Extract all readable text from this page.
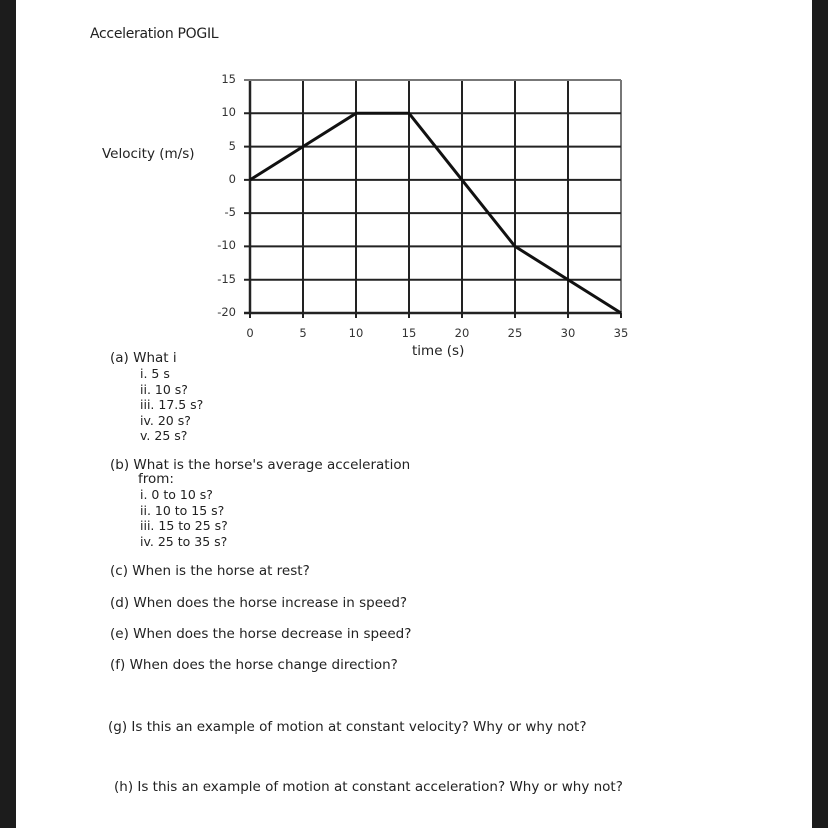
Acceleration POGIL
Velocity (m/s)
15
10
5
0
-5
-10
-15
-20
0	5	10	15	20	25	30	35
time (s)
(a) What i
i. 5 s
ii. 10 s?
iii. 17.5 s?
iv. 20 s?
v. 25 s?
(b) What is the horse's average acceleration
from:
i. 0 to 10 s?
ii. 10 to 15 s?
iii. 15 to 25 s?
iv. 25 to 35 s?
(c) When is the horse at rest?
(d) When does the horse increase in speed?
(e) When does the horse decrease in speed?
(f) When does the horse change direction?
(g) Is this an example of motion at constant velocity? Why or why not?
(h) Is this an example of motion at constant acceleration? Why or why not?
